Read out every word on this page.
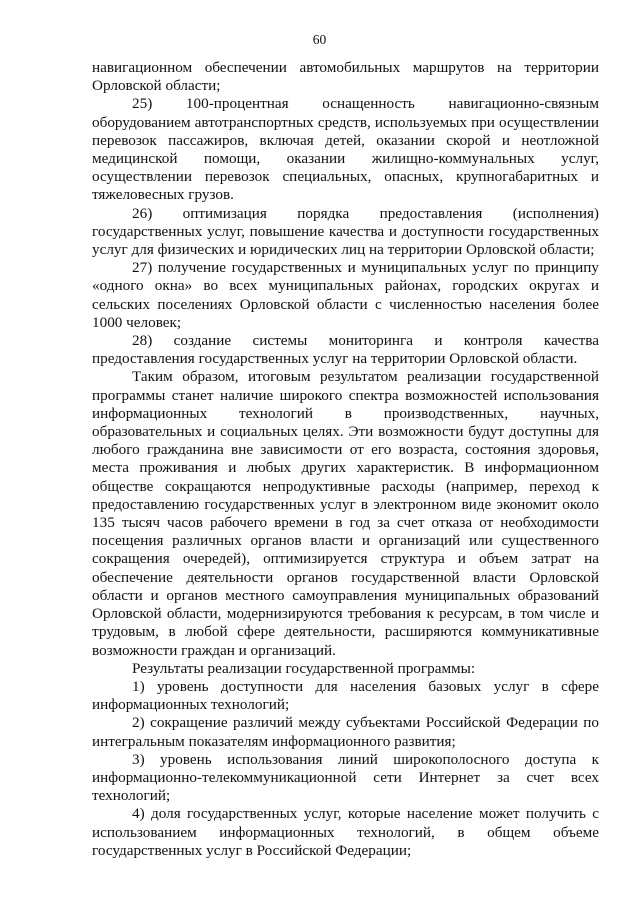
60

навигационном обеспечении автомобильных маршрутов на территории Орловской области;

25) 100-процентная оснащенность навигационно-связным оборудованием автотранспортных средств, используемых при осуществлении перевозок пассажиров, включая детей, оказании скорой и неотложной медицинской помощи, оказании жилищно-коммунальных услуг, осуществлении перевозок специальных, опасных, крупногабаритных и тяжеловесных грузов.

26) оптимизация порядка предоставления (исполнения) государственных услуг, повышение качества и доступности государственных услуг для физических и юридических лиц на территории Орловской области;

27) получение государственных и муниципальных услуг по принципу «одного окна» во всех муниципальных районах, городских округах и сельских поселениях Орловской области с численностью населения более 1000 человек;

28) создание системы мониторинга и контроля качества предоставления государственных услуг на территории Орловской области.

Таким образом, итоговым результатом реализации государственной программы станет наличие широкого спектра возможностей использования информационных технологий в производственных, научных, образовательных и социальных целях. Эти возможности будут доступны для любого гражданина вне зависимости от его возраста, состояния здоровья, места проживания и любых других характеристик. В информационном обществе сокращаются непродуктивные расходы (например, переход к предоставлению государственных услуг в электронном виде экономит около 135 тысяч часов рабочего времени в год за счет отказа от необходимости посещения различных органов власти и организаций или существенного сокращения очередей), оптимизируется структура и объем затрат на обеспечение деятельности органов государственной власти Орловской области и органов местного самоуправления муниципальных образований Орловской области, модернизируются требования к ресурсам, в том числе и трудовым, в любой сфере деятельности, расширяются коммуникативные возможности граждан и организаций.

Результаты реализации государственной программы:

1) уровень доступности для населения базовых услуг в сфере информационных технологий;

2) сокращение различий между субъектами Российской Федерации по интегральным показателям информационного развития;

3) уровень использования линий широкополосного доступа к информационно-телекоммуникационной сети Интернет за счет всех технологий;

4) доля государственных услуг, которые население может получить с использованием информационных технологий, в общем объеме государственных услуг в Российской Федерации;
